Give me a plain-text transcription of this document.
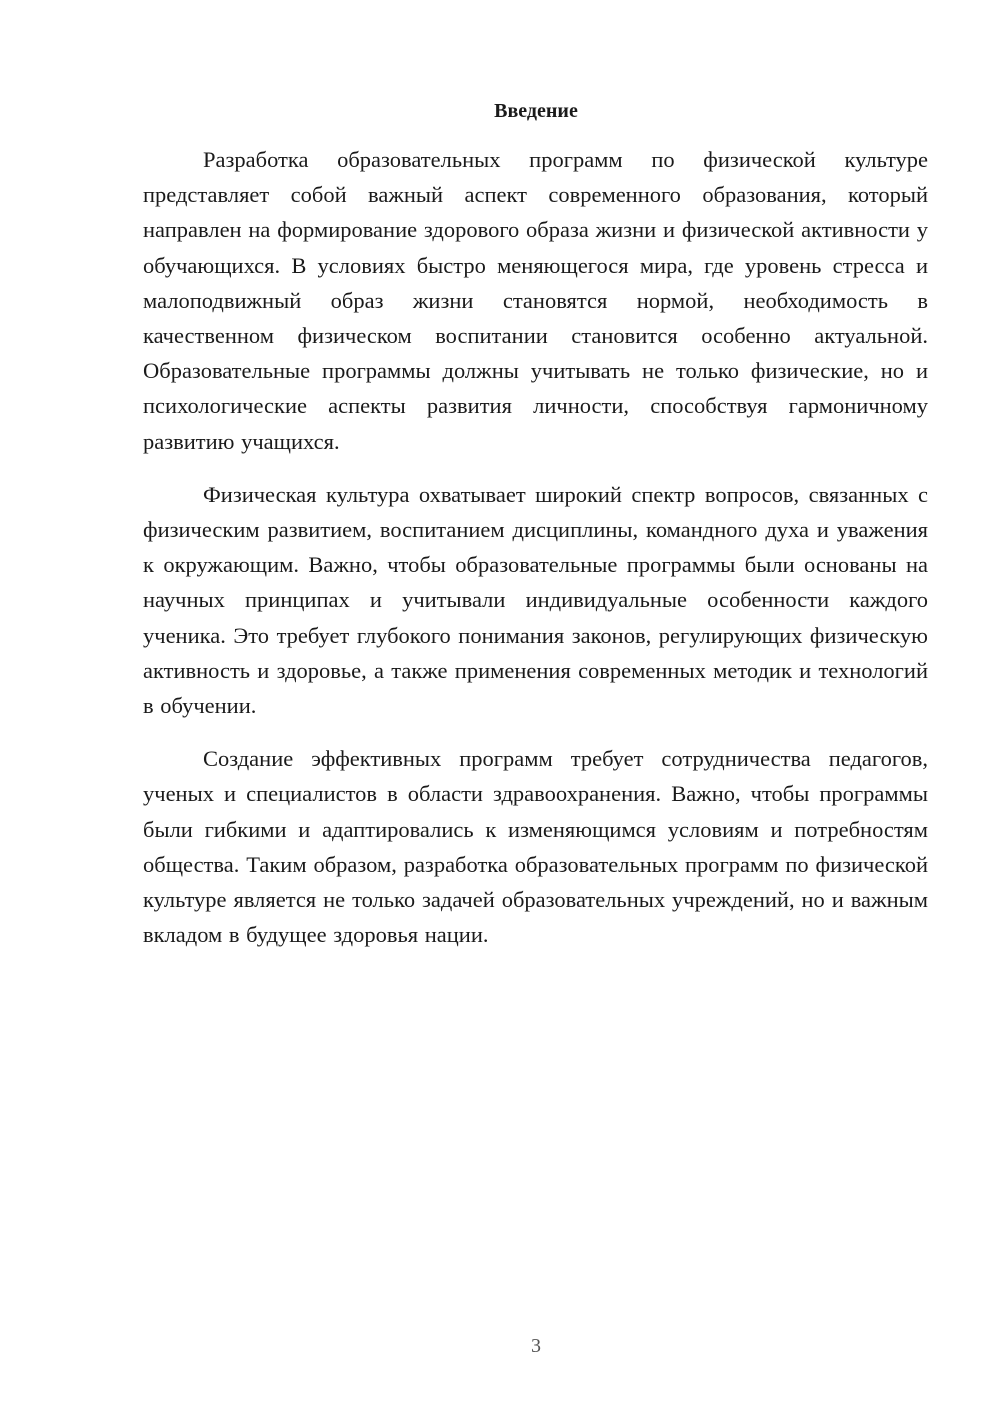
Введение

Разработка образовательных программ по физической культуре представляет собой важный аспект современного образования, который направлен на формирование здорового образа жизни и физической активности у обучающихся. В условиях быстро меняющегося мира, где уровень стресса и малоподвижный образ жизни становятся нормой, необходимость в качественном физическом воспитании становится особенно актуальной. Образовательные программы должны учитывать не только физические, но и психологические аспекты развития личности, способствуя гармоничному развитию учащихся.

Физическая культура охватывает широкий спектр вопросов, связанных с физическим развитием, воспитанием дисциплины, командного духа и уважения к окружающим. Важно, чтобы образовательные программы были основаны на научных принципах и учитывали индивидуальные особенности каждого ученика. Это требует глубокого понимания законов, регулирующих физическую активность и здоровье, а также применения современных методик и технологий в обучении.

Создание эффективных программ требует сотрудничества педагогов, ученых и специалистов в области здравоохранения. Важно, чтобы программы были гибкими и адаптировались к изменяющимся условиям и потребностям общества. Таким образом, разработка образовательных программ по физической культуре является не только задачей образовательных учреждений, но и важным вкладом в будущее здоровья нации.

3
